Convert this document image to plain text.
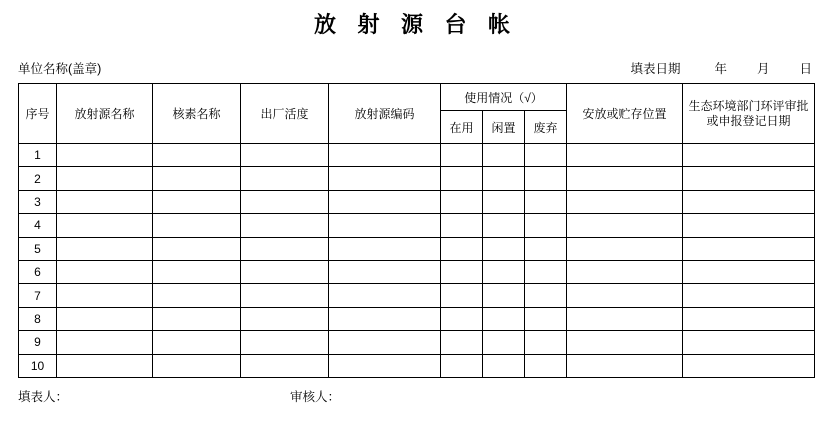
放 射 源 台 帐
单位名称(盖章)	填表日期	年 月 日
序号	放射源名称	核素名称	出厂活度	放射源编码	使用情况（√）			安放或贮存位置	生态环境部门环评审批
或申报登记日期

					在用	闲置	废弃		
1									
2									
3									
4									
5									
6									
7									
8									
9									
10									
填表人：	审核人：
